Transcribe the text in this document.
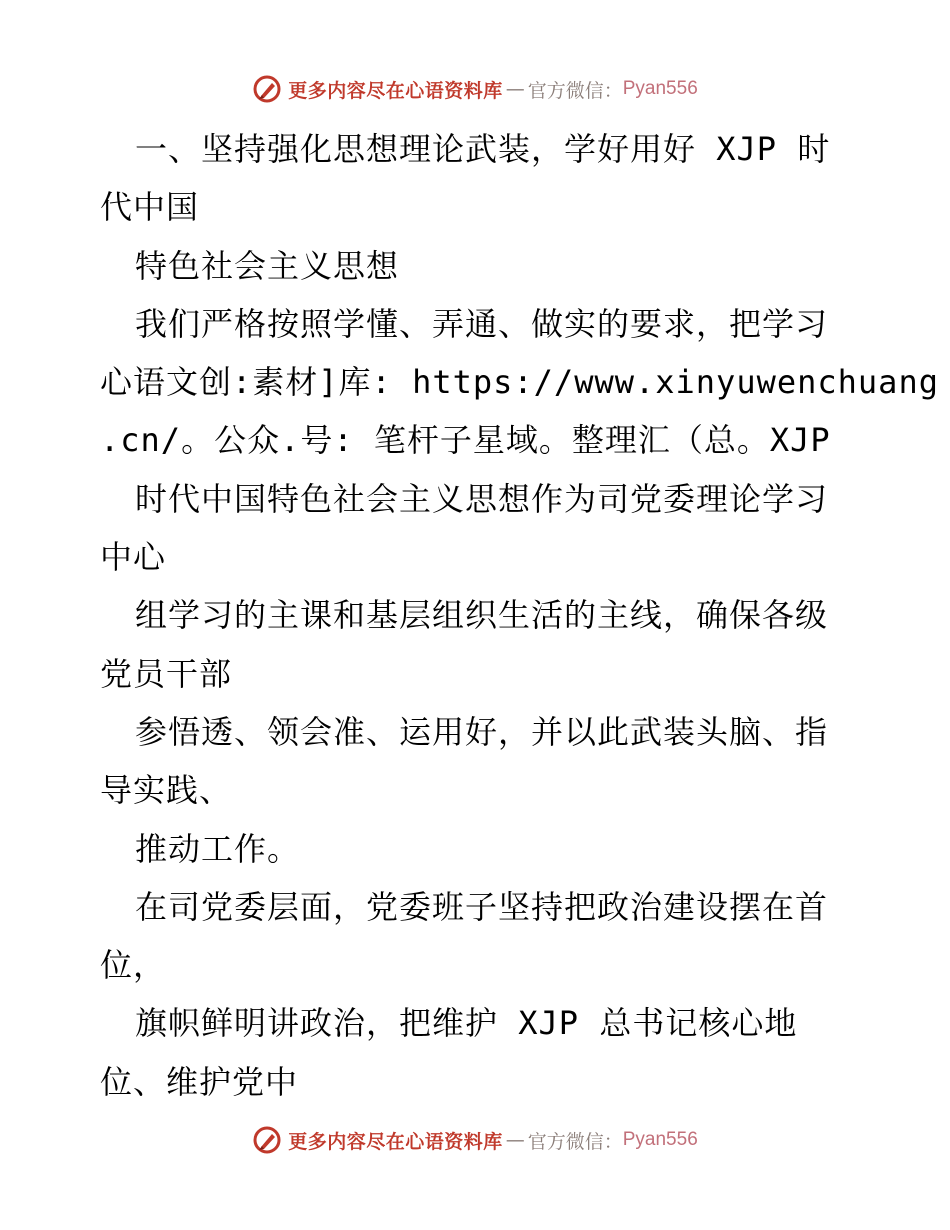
更多内容尽在心语资料库 — 官方微信： Pyan556
一、坚持强化思想理论武装，学好用好 XJP 时
代中国
特色社会主义思想
我们严格按照学懂、弄通、做实的要求，把学习
心语文创:素材]库: https://www.xinyuwenchuang
.cn/。公众.号: 笔杆子星域。整理汇（总。XJP
时代中国特色社会主义思想作为司党委理论学习
中心
组学习的主课和基层组织生活的主线，确保各级
党员干部
参悟透、领会准、运用好，并以此武装头脑、指
导实践、
推动工作。
在司党委层面，党委班子坚持把政治建设摆在首
位，
旗帜鲜明讲政治，把维护 XJP 总书记核心地
位、维护党中
更多内容尽在心语资料库 — 官方微信： Pyan556
